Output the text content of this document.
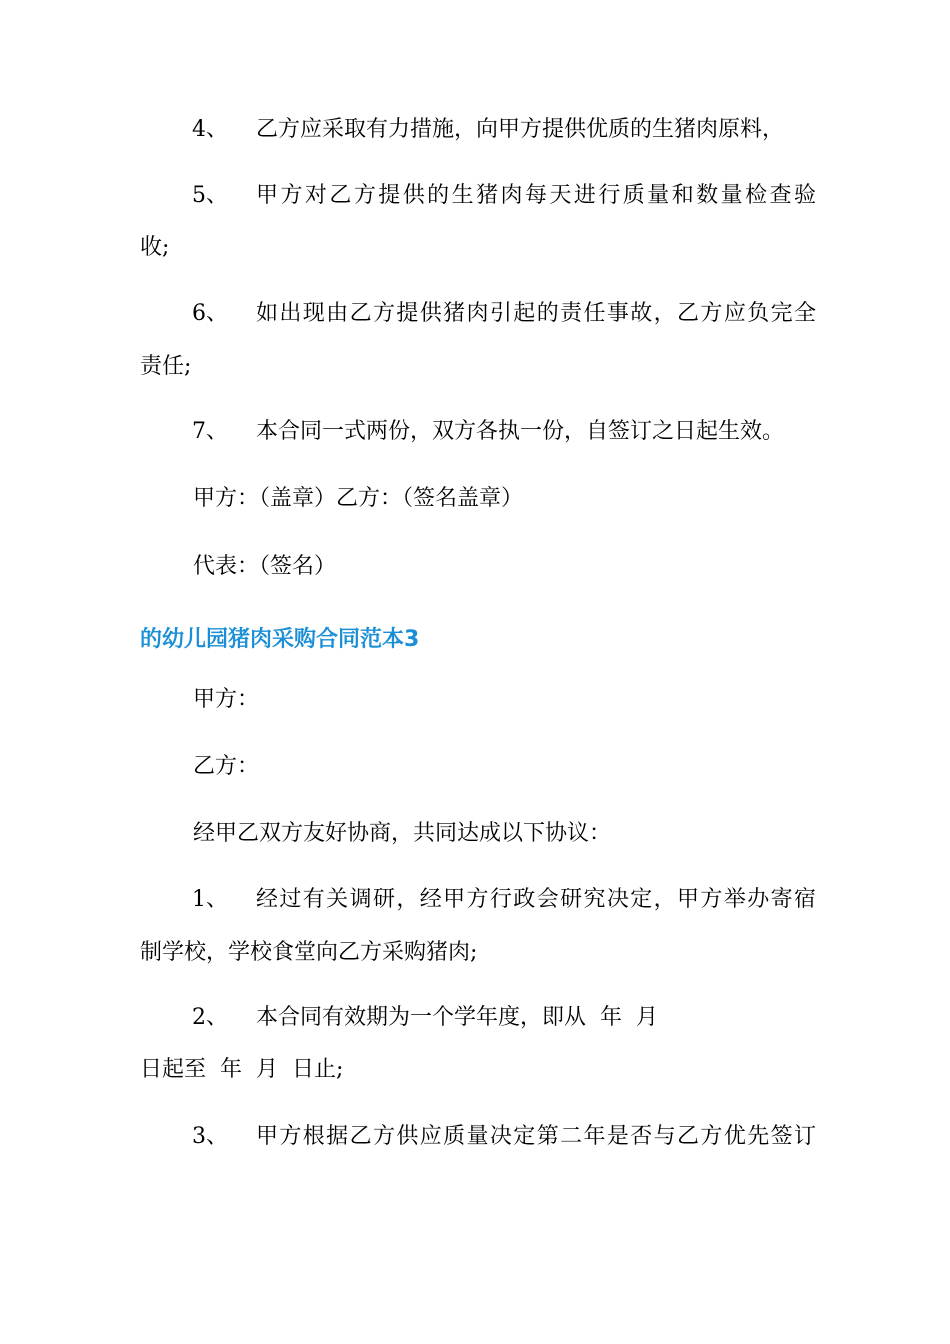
4、 乙方应采取有力措施，向甲方提供优质的生猪肉原料，
5、 甲方对乙方提供的生猪肉每天进行质量和数量检查验
收;
6、 如出现由乙方提供猪肉引起的责任事故，乙方应负完全
责任;
7、 本合同一式两份，双方各执一份，自签订之日起生效。
甲方：（盖章）乙方：（签名盖章）
代表：（签名）
的幼儿园猪肉采购合同范本3
甲方：
乙方：
经甲乙双方友好协商，共同达成以下协议：
1、 经过有关调研，经甲方行政会研究决定，甲方举办寄宿
制学校，学校食堂向乙方采购猪肉;
2、 本合同有效期为一个学年度，即从  年  月
日起至  年  月  日止;
3、 甲方根据乙方供应质量决定第二年是否与乙方优先签订
